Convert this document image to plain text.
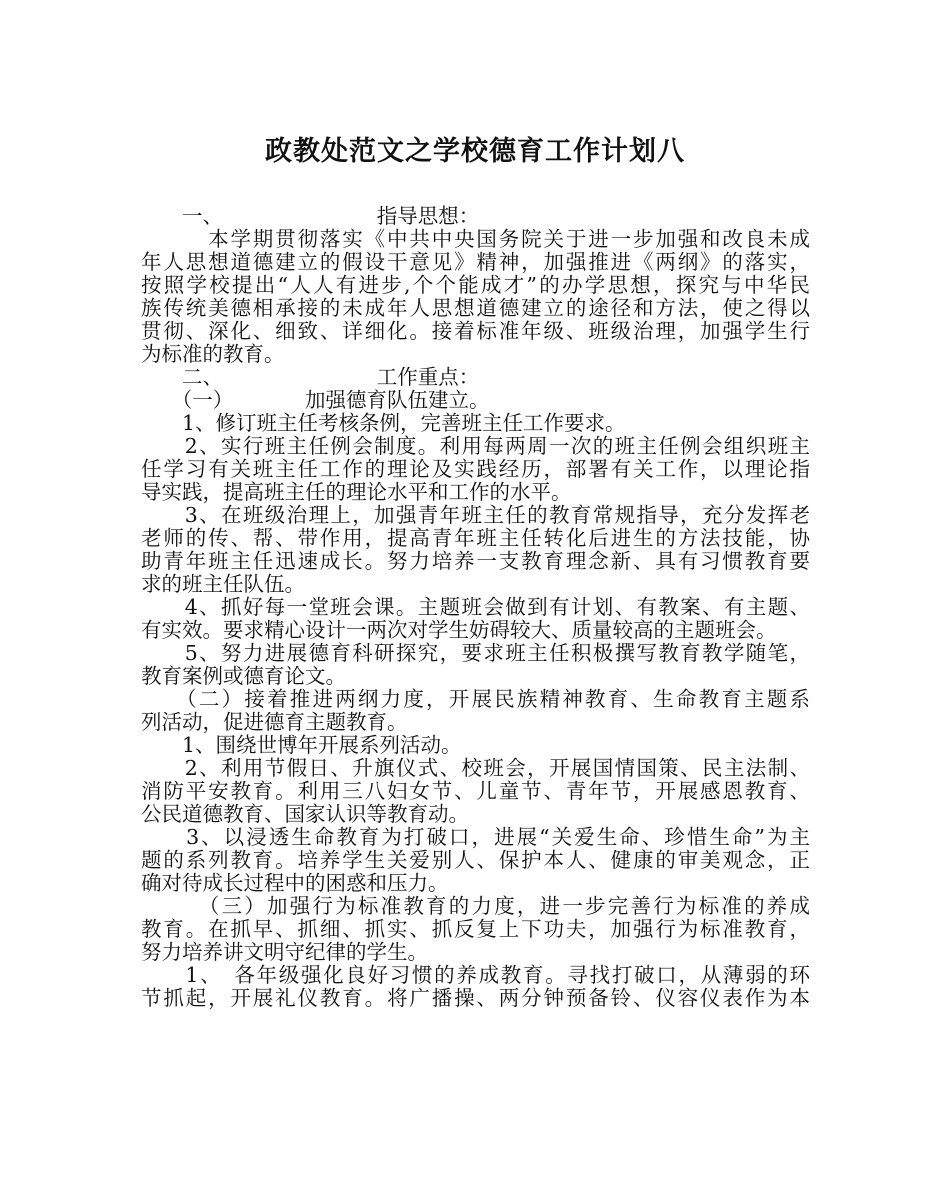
政教处范文之学校德育工作计划八
　　一、　　　　　　　　指导思想：
　　　本学期贯彻落实《中共中央国务院关于进一步加强和改良未成
年人思想道德建立的假设干意见》精神，加强推进《两纲》的落实，
按照学校提出“人人有进步,个个能成才”的办学思想，探究与中华民
族传统美德相承接的未成年人思想道德建立的途径和方法，使之得以
贯彻、深化、细致、详细化。接着标准年级、班级治理，加强学生行
为标准的教育。
　　二、　　　　　　　　工作重点：
　　（一）　　　　加强德育队伍建立。
　　1、修订班主任考核条例，完善班主任工作要求。
　　2、实行班主任例会制度。利用每两周一次的班主任例会组织班主
任学习有关班主任工作的理论及实践经历，部署有关工作，以理论指
导实践，提高班主任的理论水平和工作的水平。
　　3、在班级治理上，加强青年班主任的教育常规指导，充分发挥老
老师的传、帮、带作用，提高青年班主任转化后进生的方法技能，协
助青年班主任迅速成长。努力培养一支教育理念新、具有习惯教育要
求的班主任队伍。
　　4、抓好每一堂班会课。主题班会做到有计划、有教案、有主题、
有实效。要求精心设计一两次对学生妨碍较大、质量较高的主题班会。
　　5、努力进展德育科研探究，要求班主任积极撰写教育教学随笔，
教育案例或德育论文。
　　（二）接着推进两纲力度，开展民族精神教育、生命教育主题系
列活动，促进德育主题教育。
　　1、围绕世博年开展系列活动。
　　2、利用节假日、升旗仪式、校班会，开展国情国策、民主法制、
消防平安教育。利用三八妇女节、儿童节、青年节，开展感恩教育、
公民道德教育、国家认识等教育动。
　　3、以浸透生命教育为打破口，进展“关爱生命、珍惜生命”为主
题的系列教育。培养学生关爱别人、保护本人、健康的审美观念，正
确对待成长过程中的困惑和压力。
　　　（三）加强行为标准教育的力度，进一步完善行为标准的养成
教育。在抓早、抓细、抓实、抓反复上下功夫，加强行为标准教育，
努力培养讲文明守纪律的学生。
　　1、　各年级强化良好习惯的养成教育。寻找打破口，从薄弱的环
节抓起，开展礼仪教育。将广播操、两分钟预备铃、仪容仪表作为本
